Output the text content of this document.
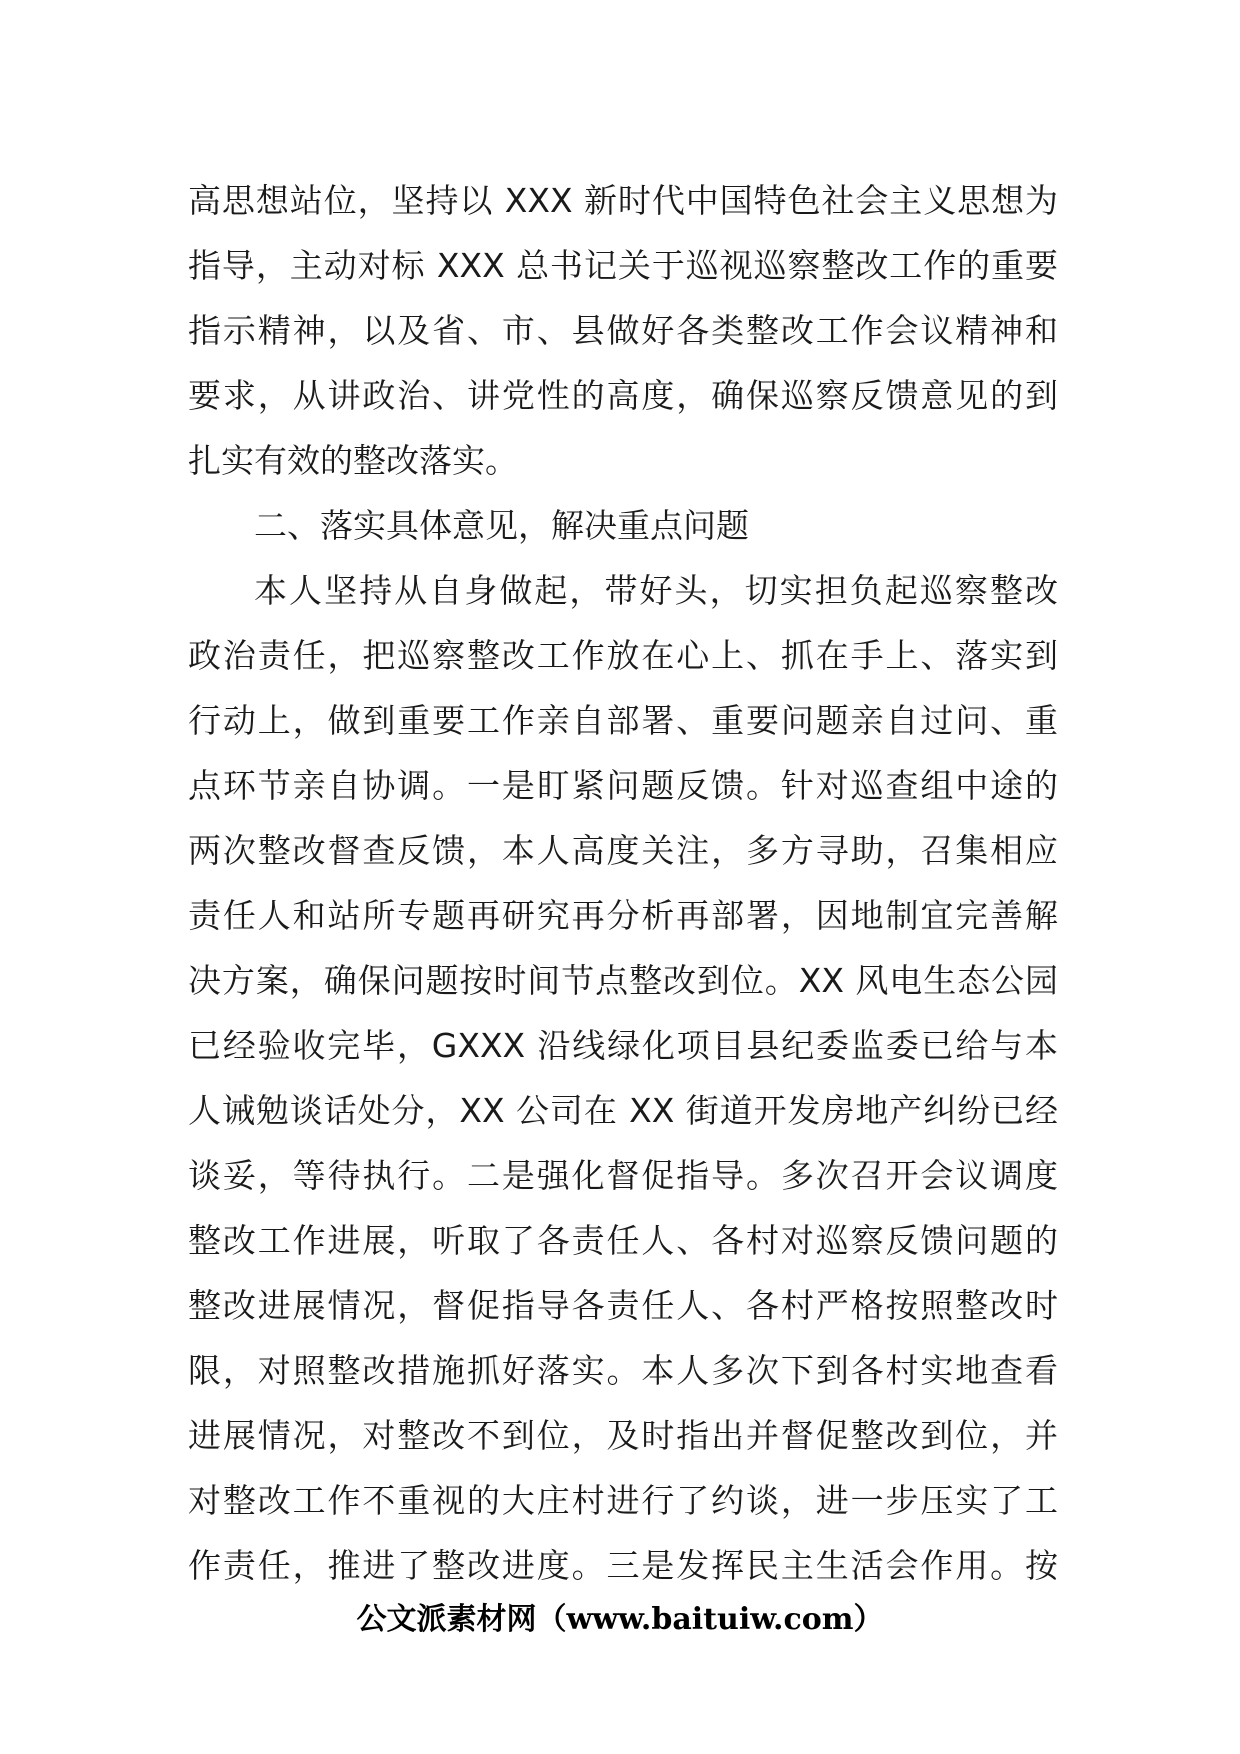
高思想站位，坚持以 XXX 新时代中国特色社会主义思想为
指导，主动对标 XXX 总书记关于巡视巡察整改工作的重要
指示精神，以及省、市、县做好各类整改工作会议精神和
要求，从讲政治、讲党性的高度，确保巡察反馈意见的到
扎实有效的整改落实。
二、落实具体意见，解决重点问题
本人坚持从自身做起，带好头，切实担负起巡察整改
政治责任，把巡察整改工作放在心上、抓在手上、落实到
行动上，做到重要工作亲自部署、重要问题亲自过问、重
点环节亲自协调。一是盯紧问题反馈。针对巡查组中途的
两次整改督查反馈，本人高度关注，多方寻助，召集相应
责任人和站所专题再研究再分析再部署，因地制宜完善解
决方案，确保问题按时间节点整改到位。XX 风电生态公园
已经验收完毕，GXXX 沿线绿化项目县纪委监委已给与本
人诫勉谈话处分，XX 公司在 XX 街道开发房地产纠纷已经
谈妥，等待执行。二是强化督促指导。多次召开会议调度
整改工作进展，听取了各责任人、各村对巡察反馈问题的
整改进展情况，督促指导各责任人、各村严格按照整改时
限，对照整改措施抓好落实。本人多次下到各村实地查看
进展情况，对整改不到位，及时指出并督促整改到位，并
对整改工作不重视的大庄村进行了约谈，进一步压实了工
作责任，推进了整改进度。三是发挥民主生活会作用。按
公文派素材网（www.baituiw.com）
